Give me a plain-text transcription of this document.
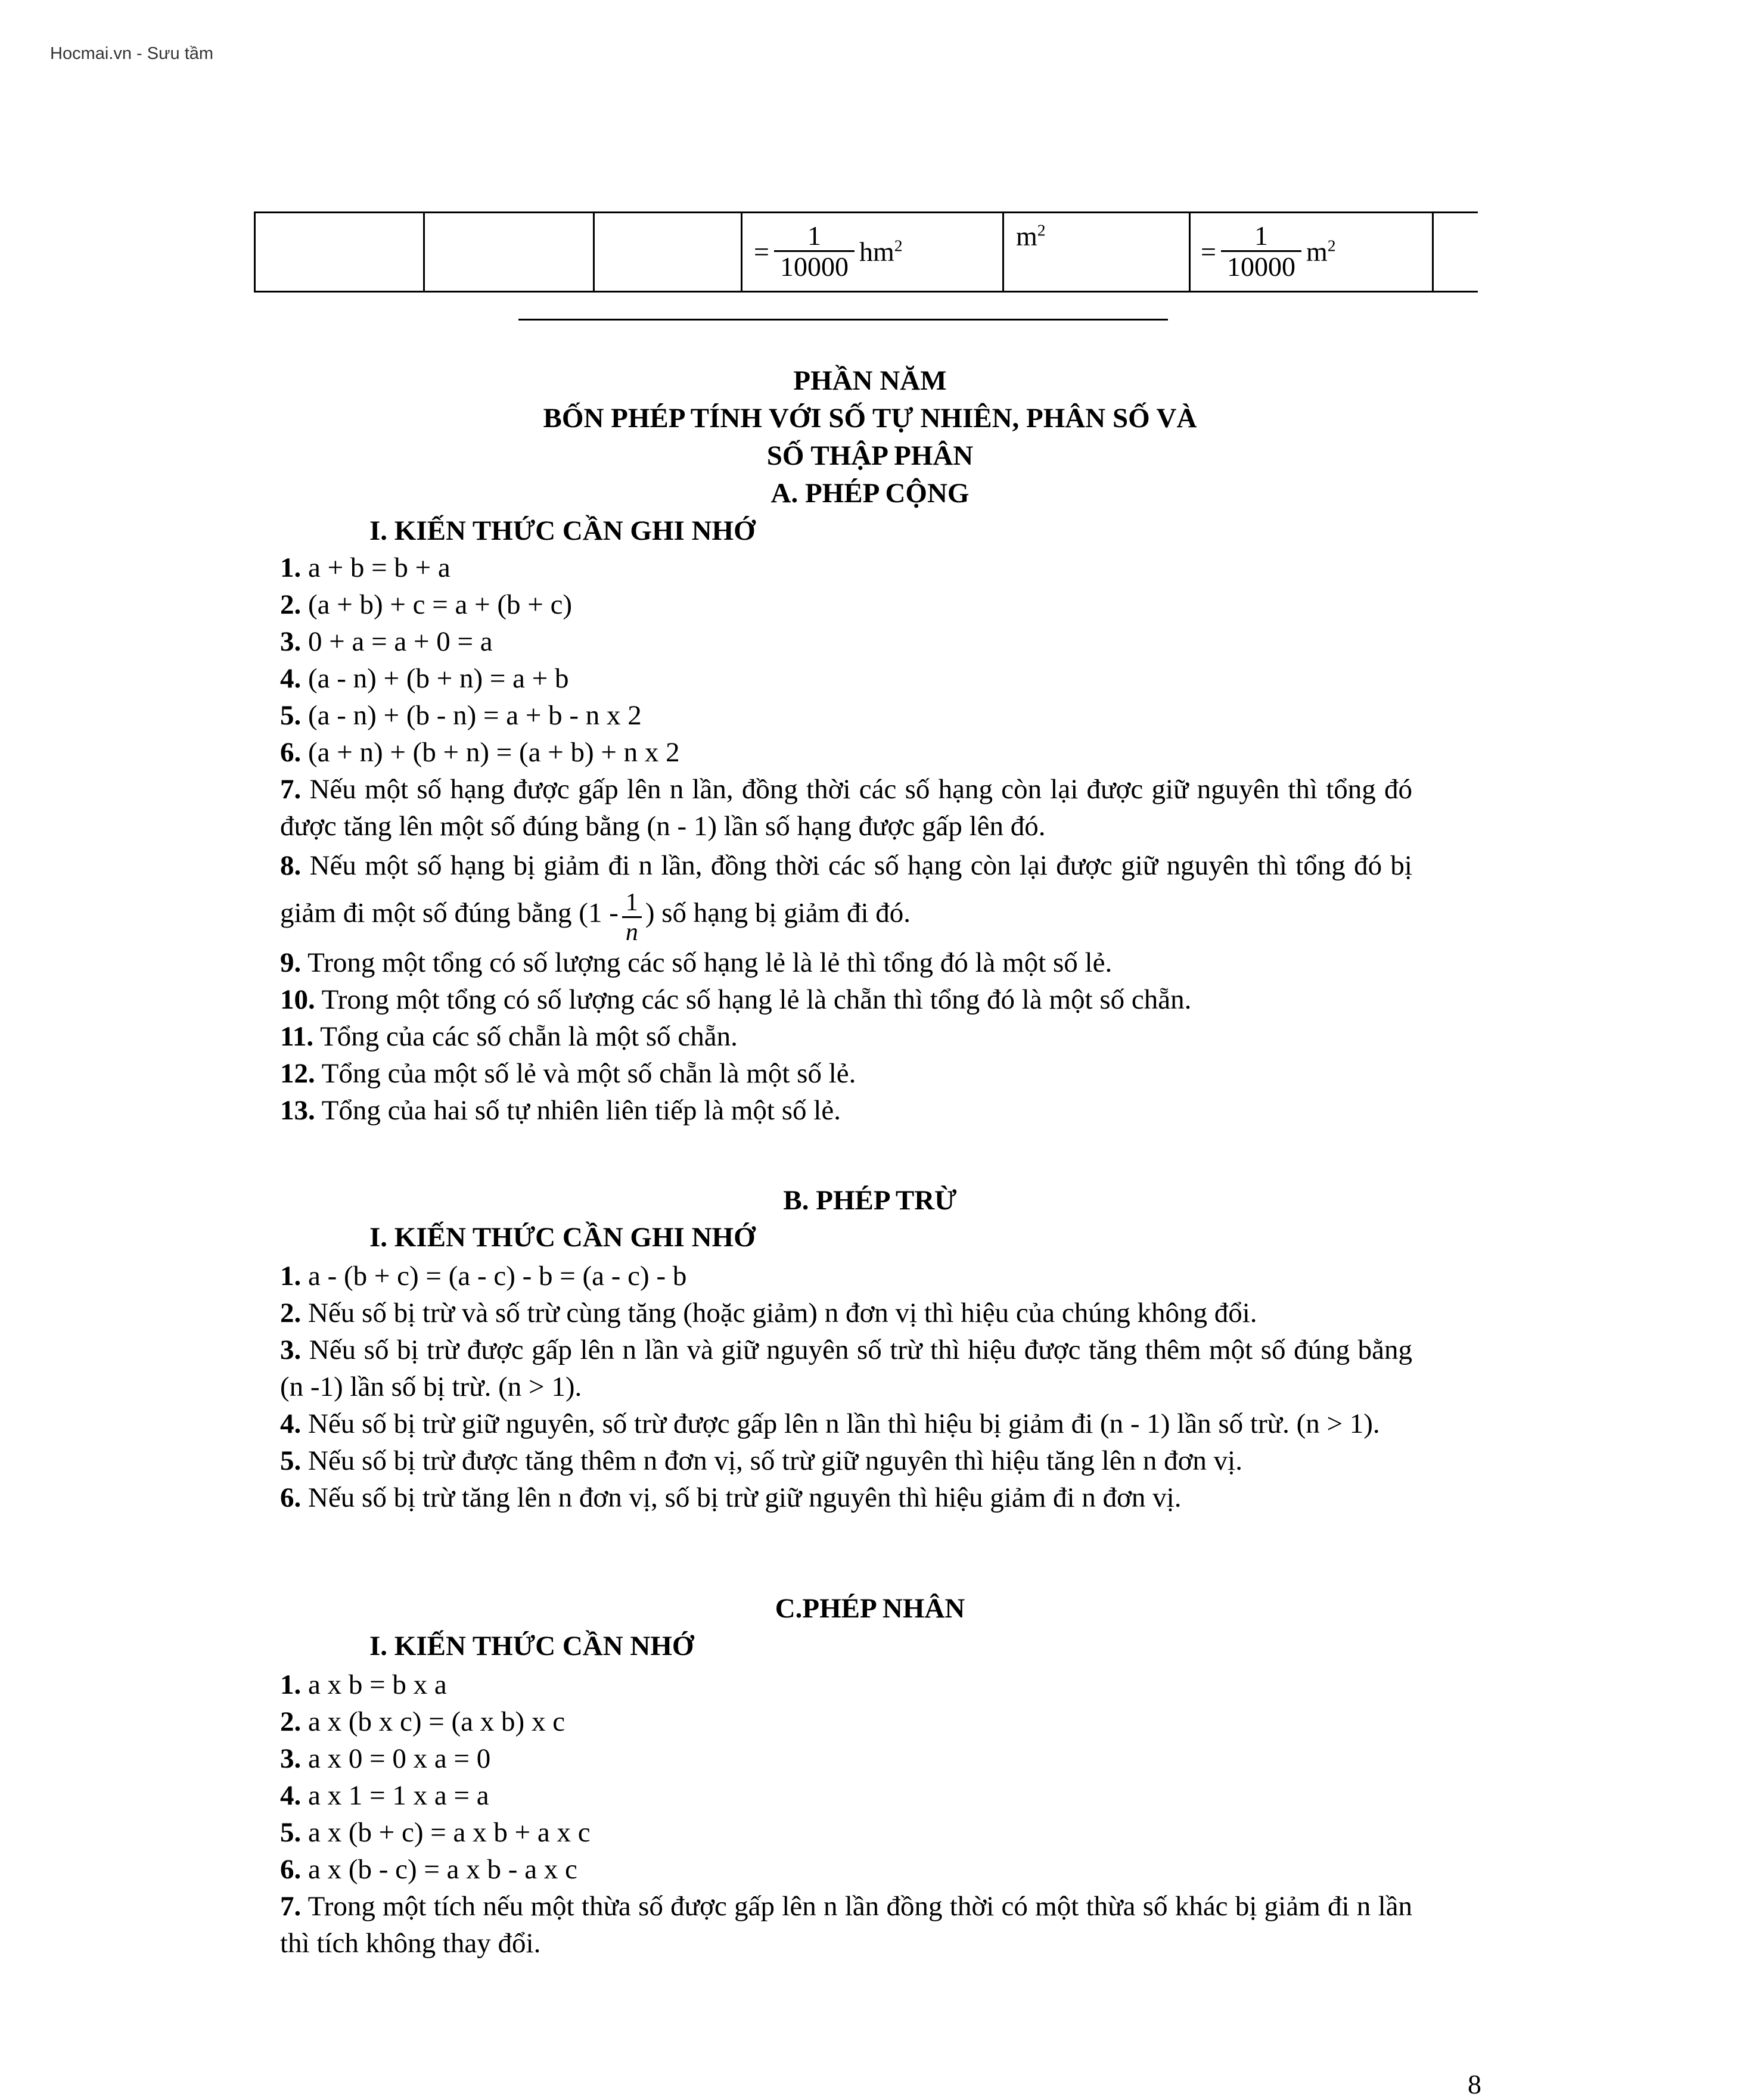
Hocmai.vn - Sưu tầm
= $\frac{1}{10000} hm^2$	$m^2$
= $\frac{1}{10000} m^2$
PHẦN NĂM
BỐN PHÉP TÍNH VỚI SỐ TỰ NHIÊN, PHÂN SỐ VÀ
SỐ THẬP PHÂN
A. PHÉP CỘNG
I. KIẾN THỨC CẦN GHI NHỚ

1. a + b = b + a

2. (a + b) + c = a + (b + c)

3. 0 + a = a + 0 = a

4. (a - n) + (b + n) = a + b

5. (a - n) + (b - n) = a + b - n x 2

6. (a + n) + (b + n) = (a + b) + n x 2

7. Nếu một số hạng được gấp lên n lần, đồng thời các số hạng còn lại được giữ nguyên thì tổng đó được tăng lên một số đúng bằng (n - 1) lần số hạng được gấp lên đó.

8. Nếu một số hạng bị giảm đi n lần, đồng thời các số hạng còn lại được giữ nguyên thì tổng đó bị giảm đi một số đúng bằng ($1 - \frac{1}{n}$ ) số hạng bị giảm đi đó.

9. Trong một tổng có số lượng các số hạng lẻ là lẻ thì tổng đó là một số lẻ.

10. Trong một tổng có số lượng các số hạng lẻ là chẵn thì tổng đó là một số chẵn.

11. Tổng của các số chẵn là một số chẵn.

12. Tổng của một số lẻ và một số chẵn là một số lẻ.

13. Tổng của hai số tự nhiên liên tiếp là một số lẻ.

B. PHÉP TRỪ
I. KIẾN THỨC CẦN GHI NHỚ

1. a - (b + c) = (a - c) - b = (a - c) - b

2. Nếu số bị trừ và số trừ cùng tăng (hoặc giảm) n đơn vị thì hiệu của chúng không đổi.

3. Nếu số bị trừ được gấp lên n lần và giữ nguyên số trừ thì hiệu được tăng thêm một số đúng bằng (n -1) lần số bị trừ. (n > 1).

4. Nếu số bị trừ giữ nguyên, số trừ được gấp lên n lần thì hiệu bị giảm đi (n - 1) lần số trừ. (n > 1).

5. Nếu số bị trừ được tăng thêm n đơn vị, số trừ giữ nguyên thì hiệu tăng lên n đơn vị.

6. Nếu số bị trừ tăng lên n đơn vị, số bị trừ giữ nguyên thì hiệu giảm đi n đơn vị.

C.PHÉP NHÂN
I. KIẾN THỨC CẦN NHỚ

1. a x b = b x a

2. a x (b x c) = (a x b) x c

3. a x 0 = 0 x a = 0

4. a x 1 = 1 x a = a

5. a x (b + c) = a x b + a x c

6. a x (b - c) = a x b - a x c

7. Trong một tích nếu một thừa số được gấp lên n lần đồng thời có một thừa số khác bị giảm đi n lần thì tích không thay đổi.

8
